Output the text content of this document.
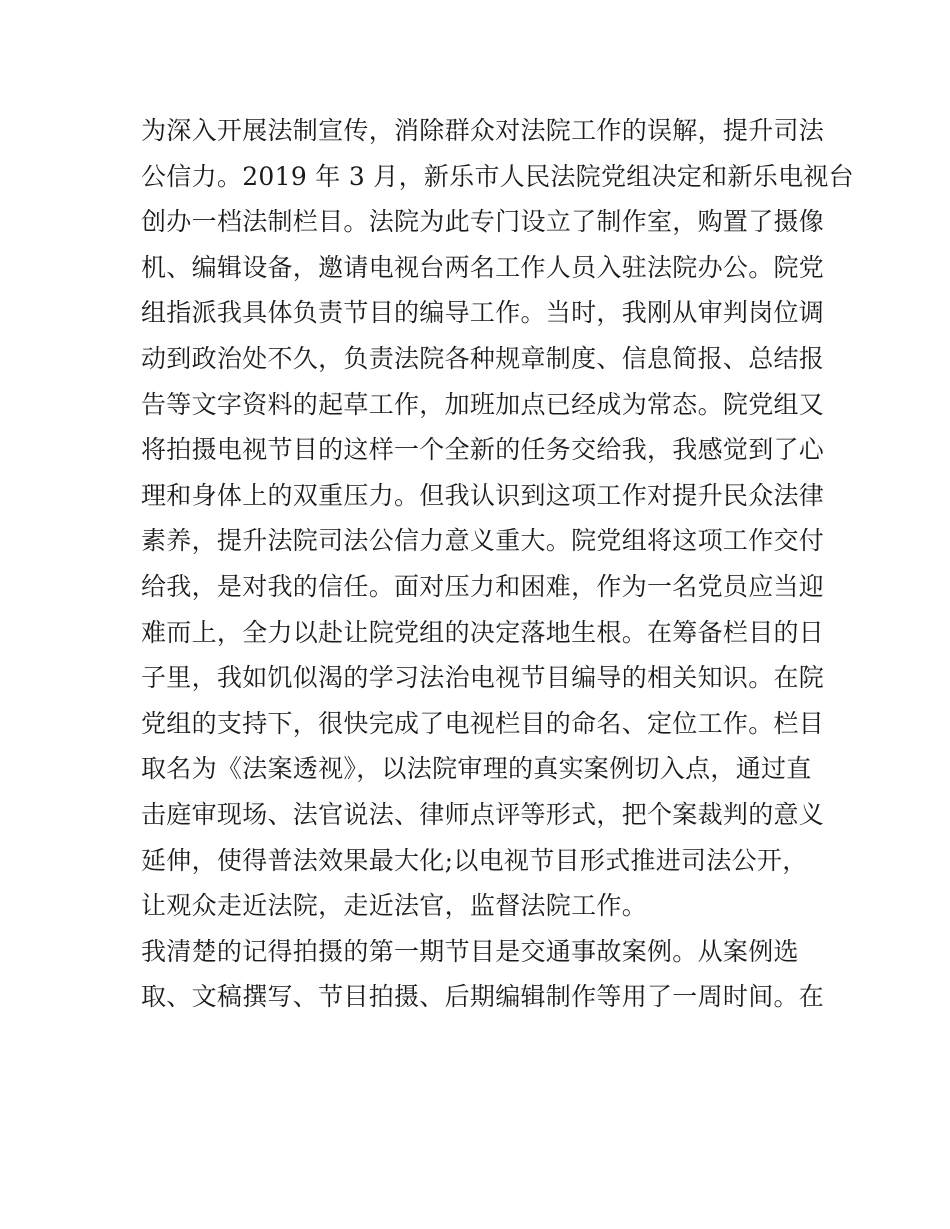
为深入开展法制宣传，消除群众对法院工作的误解，提升司法
公信力。2019 年 3 月，新乐市人民法院党组决定和新乐电视台
创办一档法制栏目。法院为此专门设立了制作室，购置了摄像
机、编辑设备，邀请电视台两名工作人员入驻法院办公。院党
组指派我具体负责节目的编导工作。当时，我刚从审判岗位调
动到政治处不久，负责法院各种规章制度、信息简报、总结报
告等文字资料的起草工作，加班加点已经成为常态。院党组又
将拍摄电视节目的这样一个全新的任务交给我，我感觉到了心
理和身体上的双重压力。但我认识到这项工作对提升民众法律
素养，提升法院司法公信力意义重大。院党组将这项工作交付
给我，是对我的信任。面对压力和困难，作为一名党员应当迎
难而上，全力以赴让院党组的决定落地生根。在筹备栏目的日
子里，我如饥似渴的学习法治电视节目编导的相关知识。在院
党组的支持下，很快完成了电视栏目的命名、定位工作。栏目
取名为《法案透视》，以法院审理的真实案例切入点，通过直
击庭审现场、法官说法、律师点评等形式，把个案裁判的意义
延伸，使得普法效果最大化;以电视节目形式推进司法公开，
让观众走近法院，走近法官，监督法院工作。
我清楚的记得拍摄的第一期节目是交通事故案例。从案例选
取、文稿撰写、节目拍摄、后期编辑制作等用了一周时间。在
